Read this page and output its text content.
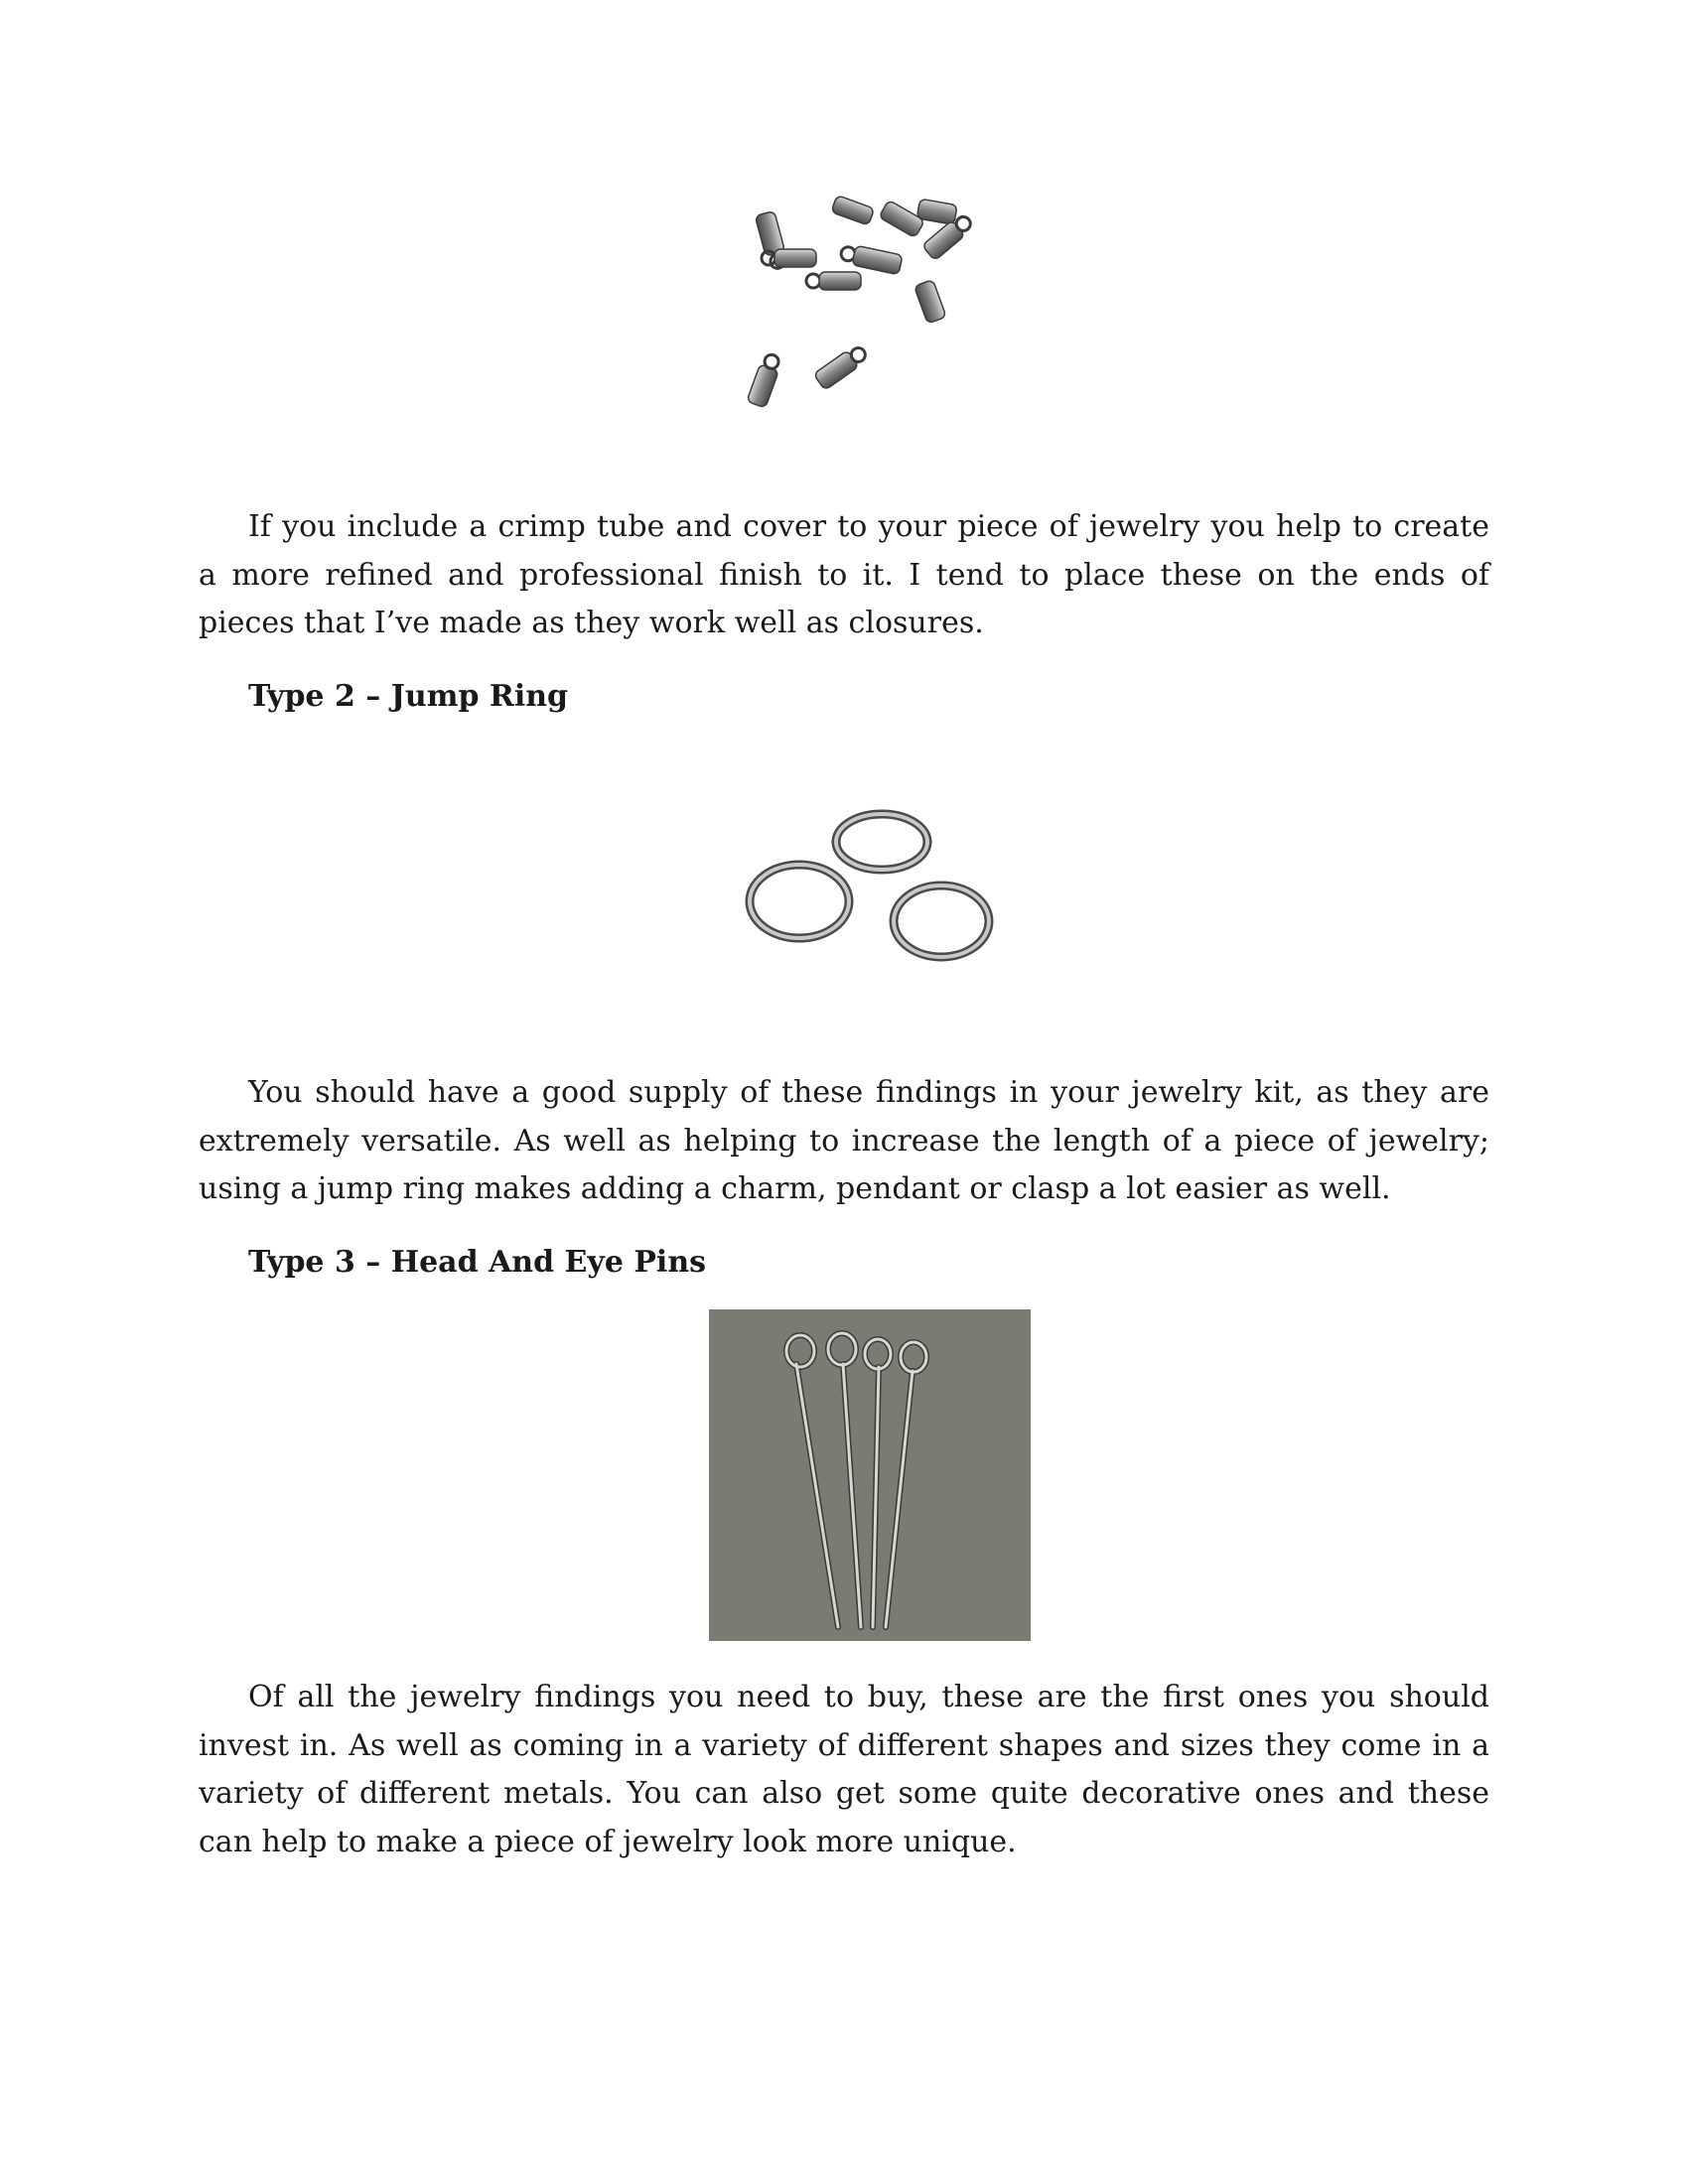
If you include a crimp tube and cover to your piece of jewelry you help to create a more refined and professional finish to it. I tend to place these on the ends of pieces that I’ve made as they work well as closures.

Type 2 – Jump Ring

You should have a good supply of these findings in your jewelry kit, as they are extremely versatile. As well as helping to increase the length of a piece of jewelry; using a jump ring makes adding a charm, pendant or clasp a lot easier as well.

Type 3 – Head And Eye Pins

Of all the jewelry findings you need to buy, these are the first ones you should invest in. As well as coming in a variety of different shapes and sizes they come in a variety of different metals. You can also get some quite decorative ones and these can help to make a piece of jewelry look more unique.
